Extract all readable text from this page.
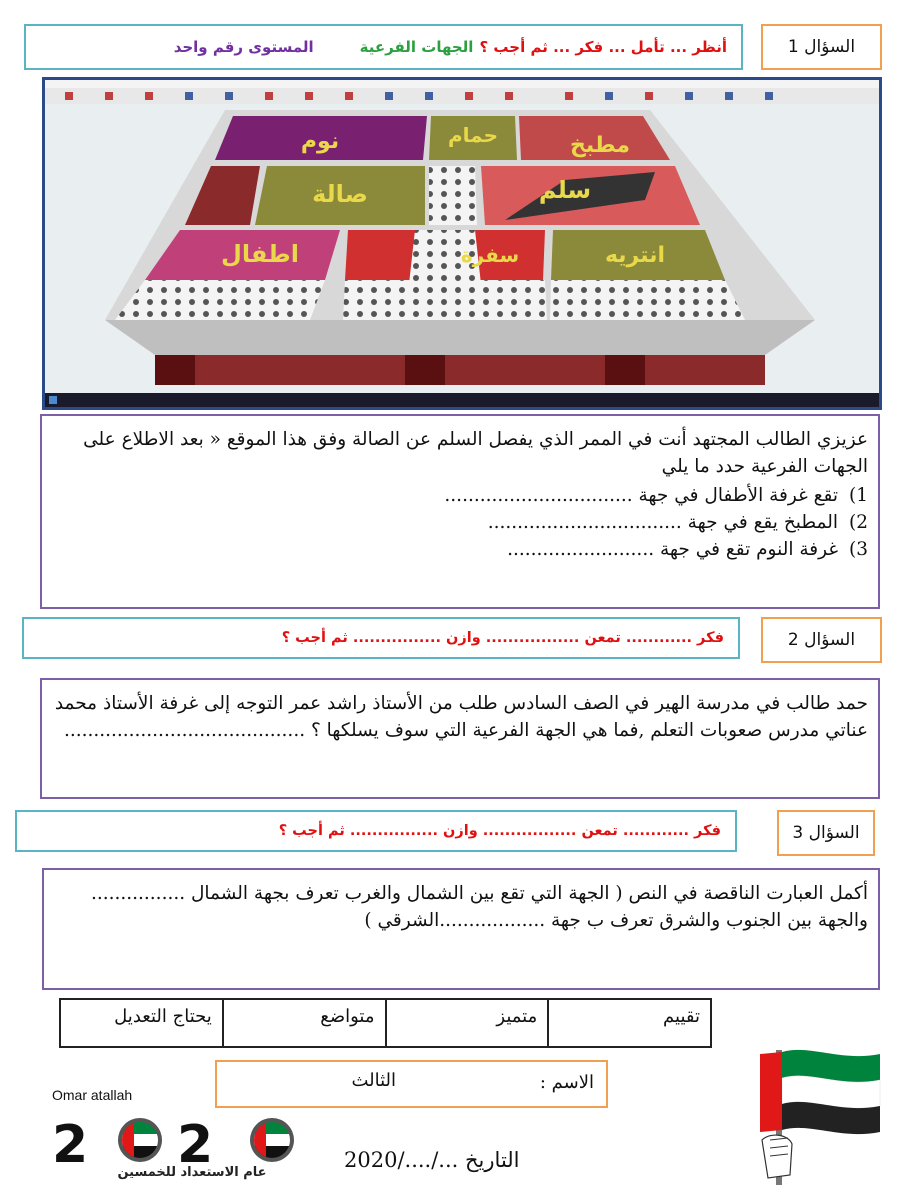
أنظر ... تأمل ... فكر ... ثم أجب ؟
الجهات الفرعية
المستوى رقم واحد	السؤال 1
نوم	حمام	مطبخ
صالة	سلم
اطفال	سفرة	انتريه
عزيزي الطالب المجتهد أنت في الممر الذي يفصل السلم عن الصالة وفق هذا الموقع « بعد الاطلاع على الجهات الفرعية حدد ما يلي
1)
تقع غرفة الأطفال في جهة ................................
2)
المطبخ يقع في جهة .................................
3)
غرفة النوم تقع في جهة .........................
فكر ............ تمعن ................. وازن ................ ثم أجب ؟	السؤال 2
حمد طالب في مدرسة الهير في الصف السادس طلب من الأستاذ راشد عمر التوجه إلى غرفة الأستاذ محمد عناتي مدرس صعوبات التعلم ,فما هي الجهة الفرعية التي سوف يسلكها ؟ .........................................
فكر ............ تمعن ................. وازن ................ ثم أجب ؟	السؤال 3
أكمل العبارت الناقصة في النص ( الجهة التي تقع بين الشمال والغرب تعرف بجهة الشمال ................ والجهة بين الجنوب والشرق تعرف ب جهة ..................الشرقي )
تقييم	متميز	متواضع	يحتاج التعديل
الاسم :
الثالث
Omar atallah
2 2
عام الاستعداد للخمسين
التاريخ .../..../2020
